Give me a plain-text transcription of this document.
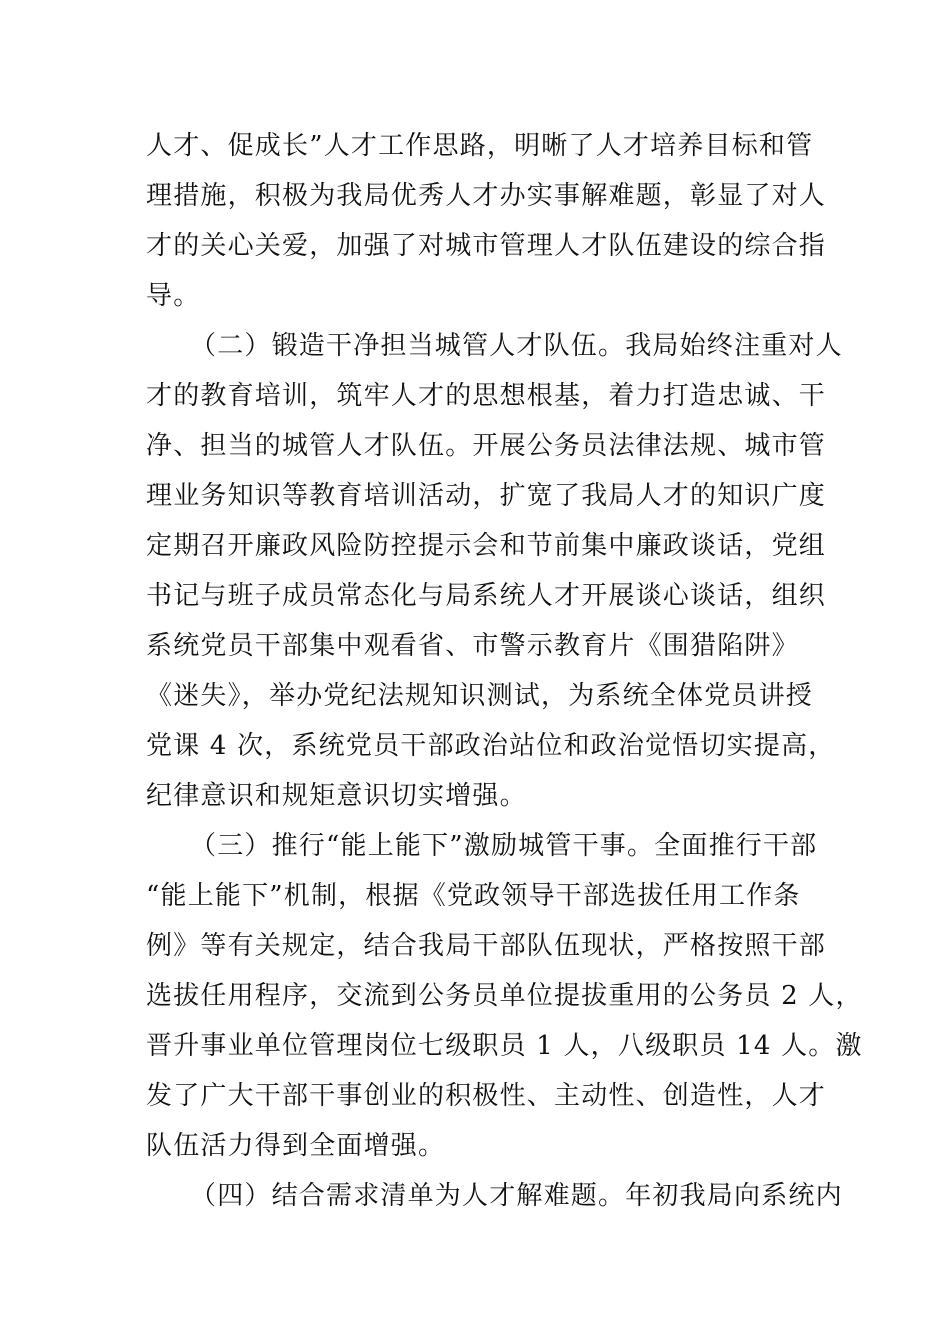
人才、促成长”人才工作思路，明晰了人才培养目标和管
理措施，积极为我局优秀人才办实事解难题，彰显了对人
才的关心关爱，加强了对城市管理人才队伍建设的综合指
导。
（二）锻造干净担当城管人才队伍。我局始终注重对人
才的教育培训，筑牢人才的思想根基，着力打造忠诚、干
净、担当的城管人才队伍。开展公务员法律法规、城市管
理业务知识等教育培训活动，扩宽了我局人才的知识广度
定期召开廉政风险防控提示会和节前集中廉政谈话，党组
书记与班子成员常态化与局系统人才开展谈心谈话，组织
系统党员干部集中观看省、市警示教育片《围猎陷阱》
《迷失》，举办党纪法规知识测试，为系统全体党员讲授
党课 4 次，系统党员干部政治站位和政治觉悟切实提高，
纪律意识和规矩意识切实增强。
（三）推行“能上能下”激励城管干事。全面推行干部
“能上能下”机制，根据《党政领导干部选拔任用工作条
例》等有关规定，结合我局干部队伍现状，严格按照干部
选拔任用程序，交流到公务员单位提拔重用的公务员 2 人，
晋升事业单位管理岗位七级职员 1 人，八级职员 14 人。激
发了广大干部干事创业的积极性、主动性、创造性，人才
队伍活力得到全面增强。
（四）结合需求清单为人才解难题。年初我局向系统内
